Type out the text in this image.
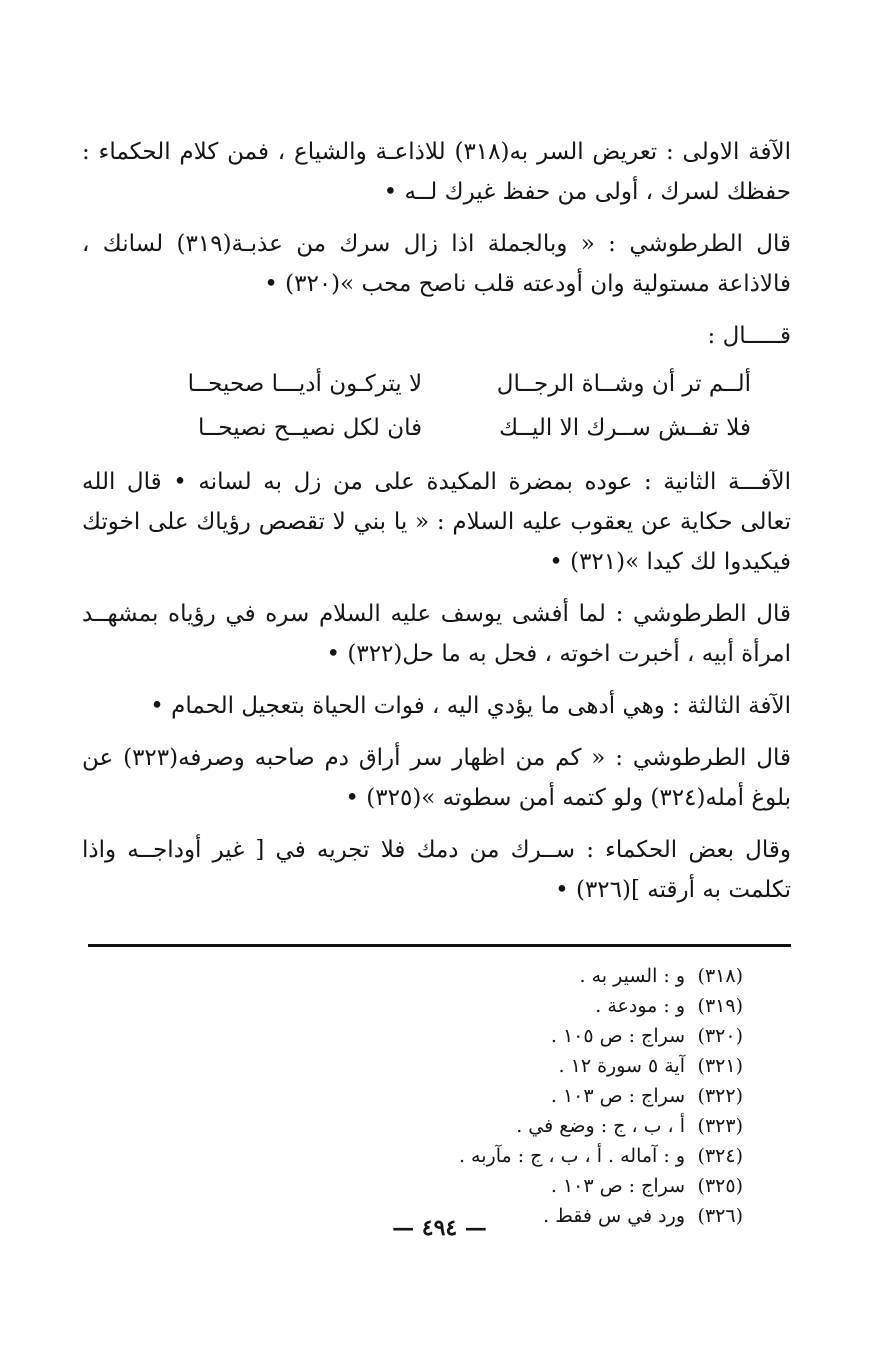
الآفة الاولى : تعريض السر به(٣١٨) للاذاعـة والشياع ، فمن كلام الحكماء : حفظك لسرك ، أولى من حفظ غيرك لــه •

قال الطرطوشي : « وبالجملة اذا زال سرك من عذبـة(٣١٩) لسانك ، فالاذاعة مستولية وان أودعته قلب ناصح محب »(٣٢٠) •

قـــــال :

ألــم تر أن وشــاة الرجــال
لا يتركـون أديـــا صحيحــا
فلا تفــش ســرك الا اليــك
فان لكل نصيــح نصيحــا

الآفـــة الثانية : عوده بمضرة المكيدة على من زل به لسانه • قال الله تعالى حكاية عن يعقوب عليه السلام : « يا بني لا تقصص رؤياك على اخوتك فيكيدوا لك كيدا »(٣٢١) •

قال الطرطوشي : لما أفشى يوسف عليه السلام سره في رؤياه بمشهــد امرأة أبيه ، أخبرت اخوته ، فحل به ما حل(٣٢٢) •

الآفة الثالثة : وهي أدهى ما يؤدي اليه ، فوات الحياة بتعجيل الحمام •

قال الطرطوشي : « كم من اظهار سر أراق دم صاحبه وصرفه(٣٢٣) عن بلوغ أمله(٣٢٤) ولو كتمه أمن سطوته »(٣٢٥) •

وقال بعض الحكماء : ســرك من دمك فلا تجريه في [ غير أوداجــه واذا تكلمت به أرقته ](٣٢٦) •

(٣١٨)و : السير به .
(٣١٩)و : مودعة .
(٣٢٠)سراج : ص ١٠٥ .
(٣٢١)آية ٥ سورة ١٢ .
(٣٢٢)سراج : ص ١٠٣ .
(٣٢٣)أ ، ب ، ج : وضع في .
(٣٢٤)و : آماله . أ ، ب ، ج : مآربه .
(٣٢٥)سراج : ص ١٠٣ .
(٣٢٦)ورد في س فقط .
— ٤٩٤ —
